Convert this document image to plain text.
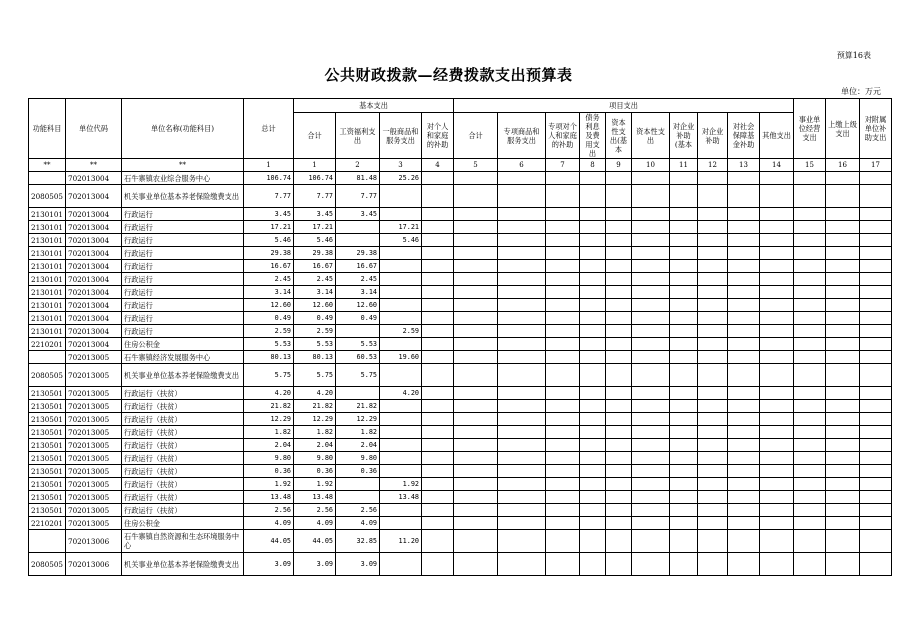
预算16表
公共财政拨款—经费拨款支出预算表
单位：万元
功能科目	单位代码	单位名称(功能科目)	总计	基本支出				项目支出										事业单位经营支出	上缴上级支出	对附属单位补助支出
				合计	工资福利支出	一般商品和服务支出	对个人和家庭的补助	合计	专项商品和服务支出	专项对个人和家庭的补助	债务利息及费用支出	资本性支出(基本	资本性支出	对企业补助(基本	对企业补助	对社会保障基金补助	其他支出			
**	**	**	1	1	2	3	4	5	6	7	8	9	10	11	12	13	14	15	16	17
	702013004	石牛寨镇农业综合服务中心	106.74	106.74	81.48	25.26														
2080505	702013004	机关事业单位基本养老保险缴费支出	7.77	7.77	7.77															
2130101	702013004	行政运行	3.45	3.45	3.45															
2130101	702013004	行政运行	17.21	17.21		17.21														
2130101	702013004	行政运行	5.46	5.46		5.46														
2130101	702013004	行政运行	29.38	29.38	29.38															
2130101	702013004	行政运行	16.67	16.67	16.67															
2130101	702013004	行政运行	2.45	2.45	2.45															
2130101	702013004	行政运行	3.14	3.14	3.14															
2130101	702013004	行政运行	12.60	12.60	12.60															
2130101	702013004	行政运行	0.49	0.49	0.49															
2130101	702013004	行政运行	2.59	2.59		2.59														
2210201	702013004	住房公积金	5.53	5.53	5.53															
	702013005	石牛寨镇经济发展服务中心	80.13	80.13	60.53	19.60														
2080505	702013005	机关事业单位基本养老保险缴费支出	5.75	5.75	5.75															
2130501	702013005	行政运行（扶贫）	4.20	4.20		4.20														
2130501	702013005	行政运行（扶贫）	21.82	21.82	21.82															
2130501	702013005	行政运行（扶贫）	12.29	12.29	12.29															
2130501	702013005	行政运行（扶贫）	1.82	1.82	1.82															
2130501	702013005	行政运行（扶贫）	2.04	2.04	2.04															
2130501	702013005	行政运行（扶贫）	9.80	9.80	9.80															
2130501	702013005	行政运行（扶贫）	0.36	0.36	0.36															
2130501	702013005	行政运行（扶贫）	1.92	1.92		1.92														
2130501	702013005	行政运行（扶贫）	13.48	13.48		13.48														
2130501	702013005	行政运行（扶贫）	2.56	2.56	2.56															
2210201	702013005	住房公积金	4.09	4.09	4.09															
	702013006	石牛寨镇自然资源和生态环境服务中心	44.05	44.05	32.85	11.20														
2080505	702013006	机关事业单位基本养老保险缴费支出	3.09	3.09	3.09															
